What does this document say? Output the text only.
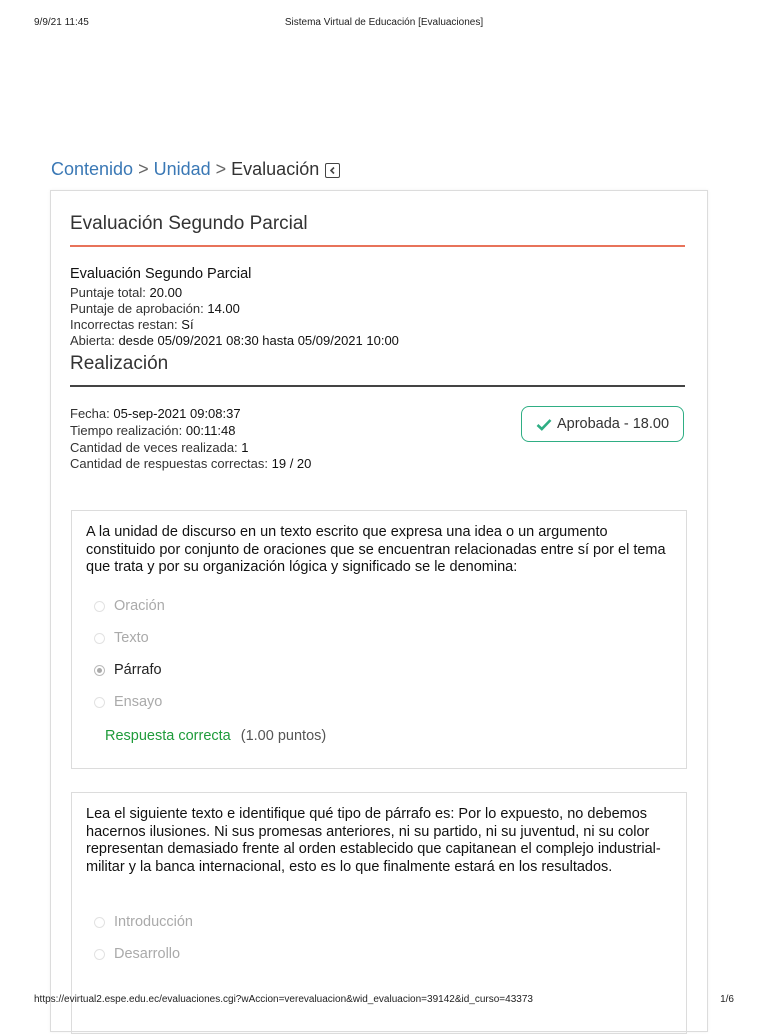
9/9/21 11:45	Sistema Virtual de Educación [Evaluaciones]
Contenido > Unidad > Evaluación
Evaluación Segundo Parcial
Evaluación Segundo Parcial
Puntaje total: 20.00
Puntaje de aprobación: 14.00
Incorrectas restan: Sí
Abierta: desde 05/09/2021 08:30 hasta 05/09/2021 10:00
Realización
Fecha: 05-sep-2021 09:08:37
Tiempo realización: 00:11:48
Cantidad de veces realizada: 1
Cantidad de respuestas correctas: 19 / 20
Aprobada - 18.00
A la unidad de discurso en un texto escrito que expresa una idea o un argumento constituido por conjunto de oraciones que se encuentran relacionadas entre sí por el tema que trata y por su organización lógica y significado se le denomina:
Oración
Texto
Párrafo
Ensayo
Respuesta correcta (1.00 puntos)
Lea el siguiente texto e identifique qué tipo de párrafo es: Por lo expuesto, no debemos hacernos ilusiones. Ni sus promesas anteriores, ni su partido, ni su juventud, ni su color representan demasiado frente al orden establecido que capitanean el complejo industrial-militar y la banca internacional, esto es lo que finalmente estará en los resultados.
Introducción
Desarrollo
https://evirtual2.espe.edu.ec/evaluaciones.cgi?wAccion=verevaluacion&wid_evaluacion=39142&id_curso=43373	1/6
